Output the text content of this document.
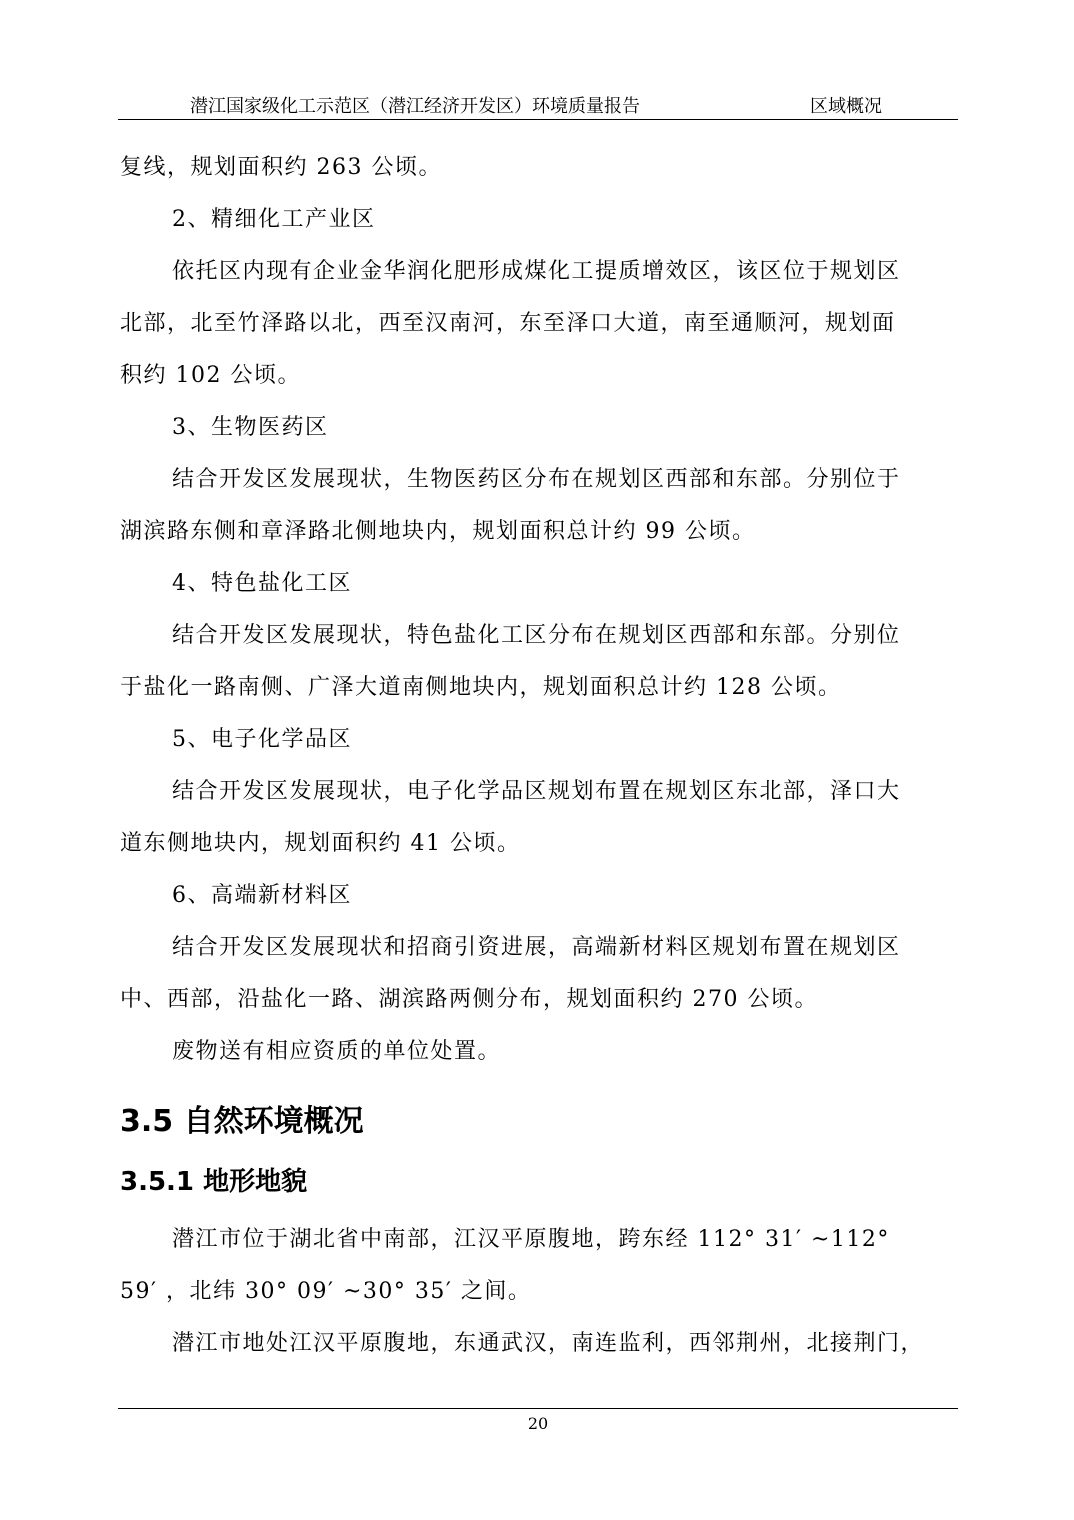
潜江国家级化工示范区（潜江经济开发区）环境质量报告	区域概况

复线，规划面积约 263 公顷。

2、精细化工产业区

依托区内现有企业金华润化肥形成煤化工提质增效区，该区位于规划区

北部，北至竹泽路以北，西至汉南河，东至泽口大道，南至通顺河，规划面

积约 102 公顷。

3、生物医药区

结合开发区发展现状，生物医药区分布在规划区西部和东部。分别位于

湖滨路东侧和章泽路北侧地块内，规划面积总计约 99 公顷。

4、特色盐化工区

结合开发区发展现状，特色盐化工区分布在规划区西部和东部。分别位

于盐化一路南侧、广泽大道南侧地块内，规划面积总计约 128 公顷。

5、电子化学品区

结合开发区发展现状，电子化学品区规划布置在规划区东北部，泽口大

道东侧地块内，规划面积约 41 公顷。

6、高端新材料区

结合开发区发展现状和招商引资进展，高端新材料区规划布置在规划区

中、西部，沿盐化一路、湖滨路两侧分布，规划面积约 270 公顷。

废物送有相应资质的单位处置。

3.5 自然环境概况
3.5.1 地形地貌

潜江市位于湖北省中南部，江汉平原腹地，跨东经 112° 31′ ~112°

59′ ，北纬 30° 09′ ~30° 35′ 之间。

潜江市地处江汉平原腹地，东通武汉，南连监利，西邻荆州，北接荆门，

20
